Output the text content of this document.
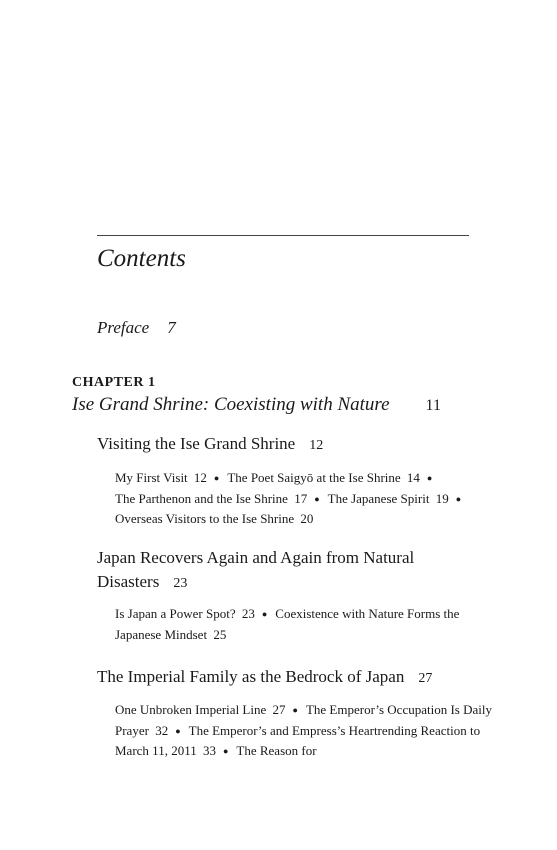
Contents
Preface 7
CHAPTER 1
Ise Grand Shrine: Coexisting with Nature 11
Visiting the Ise Grand Shrine 12
My First Visit 12 ● The Poet Saigyō at the Ise Shrine 14 ●
The Parthenon and the Ise Shrine 17 ● The Japanese Spirit 19 ●Overseas Visitors to the Ise Shrine 20
Japan Recovers Again and Again from Natural Disasters 23
Is Japan a Power Spot? 23 ● Coexistence with Nature Forms the Japanese Mindset 25
The Imperial Family as the Bedrock of Japan 27
One Unbroken Imperial Line 27 ● The Emperor’s Occupation Is Daily Prayer 32 ● The Emperor’s and Empress’s Heartrending Reaction to March 11, 2011 33 ● The Reason for
